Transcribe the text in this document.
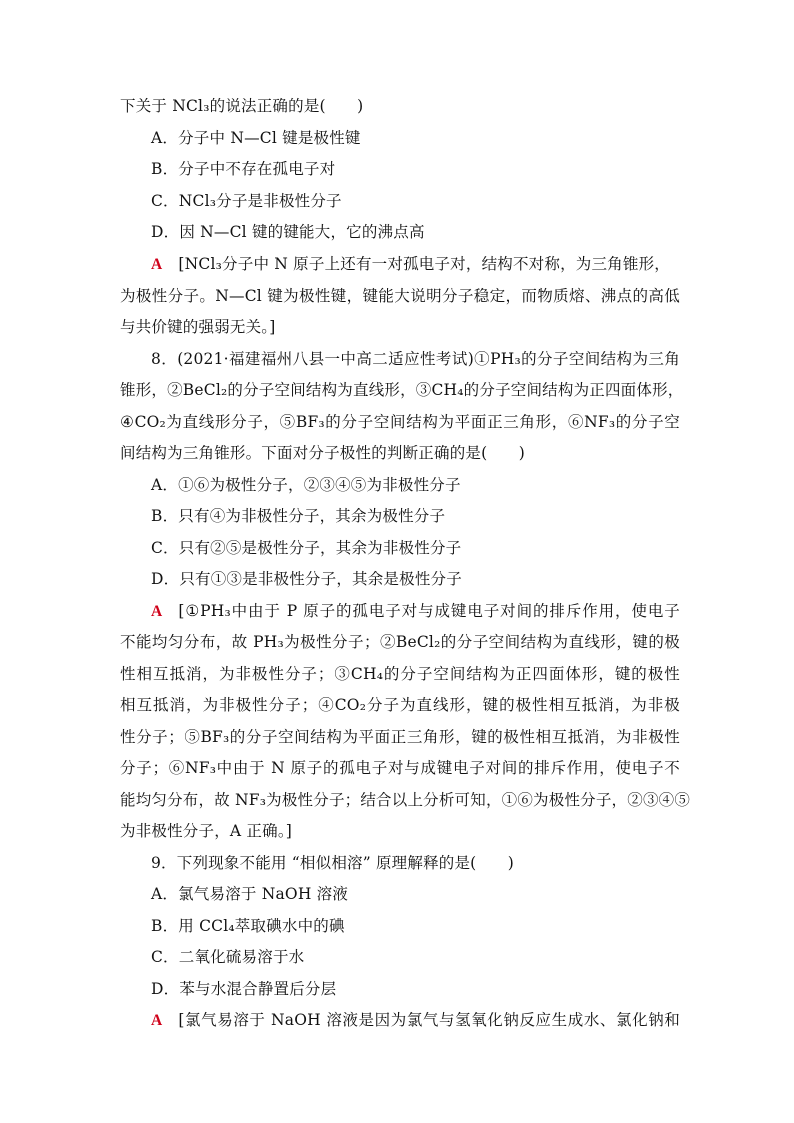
下关于 NCl₃的说法正确的是(　　)
A．分子中 N—Cl 键是极性键
B．分子中不存在孤电子对
C．NCl₃分子是非极性分子
D．因 N—Cl 键的键能大，它的沸点高
A [NCl₃分子中 N 原子上还有一对孤电子对，结构不对称，为三角锥形，
为极性分子。N—Cl 键为极性键，键能大说明分子稳定，而物质熔、沸点的高低
与共价键的强弱无关。]
8．(2021·福建福州八县一中高二适应性考试)①PH₃的分子空间结构为三角
锥形，②BeCl₂的分子空间结构为直线形，③CH₄的分子空间结构为正四面体形，
④CO₂为直线形分子，⑤BF₃的分子空间结构为平面正三角形，⑥NF₃的分子空
间结构为三角锥形。下面对分子极性的判断正确的是(　　)
A．①⑥为极性分子，②③④⑤为非极性分子
B．只有④为非极性分子，其余为极性分子
C．只有②⑤是极性分子，其余为非极性分子
D．只有①③是非极性分子，其余是极性分子
A [①PH₃中由于 P 原子的孤电子对与成键电子对间的排斥作用，使电子
不能均匀分布，故 PH₃为极性分子；②BeCl₂的分子空间结构为直线形，键的极
性相互抵消，为非极性分子；③CH₄的分子空间结构为正四面体形，键的极性
相互抵消，为非极性分子；④CO₂分子为直线形，键的极性相互抵消，为非极
性分子；⑤BF₃的分子空间结构为平面正三角形，键的极性相互抵消，为非极性
分子；⑥NF₃中由于 N 原子的孤电子对与成键电子对间的排斥作用，使电子不
能均匀分布，故 NF₃为极性分子；结合以上分析可知，①⑥为极性分子，②③④⑤
为非极性分子，A 正确。]
9．下列现象不能用 “相似相溶” 原理解释的是(　　)
A．氯气易溶于 NaOH 溶液
B．用 CCl₄萃取碘水中的碘
C．二氧化硫易溶于水
D．苯与水混合静置后分层
A [氯气易溶于 NaOH 溶液是因为氯气与氢氧化钠反应生成水、氯化钠和
